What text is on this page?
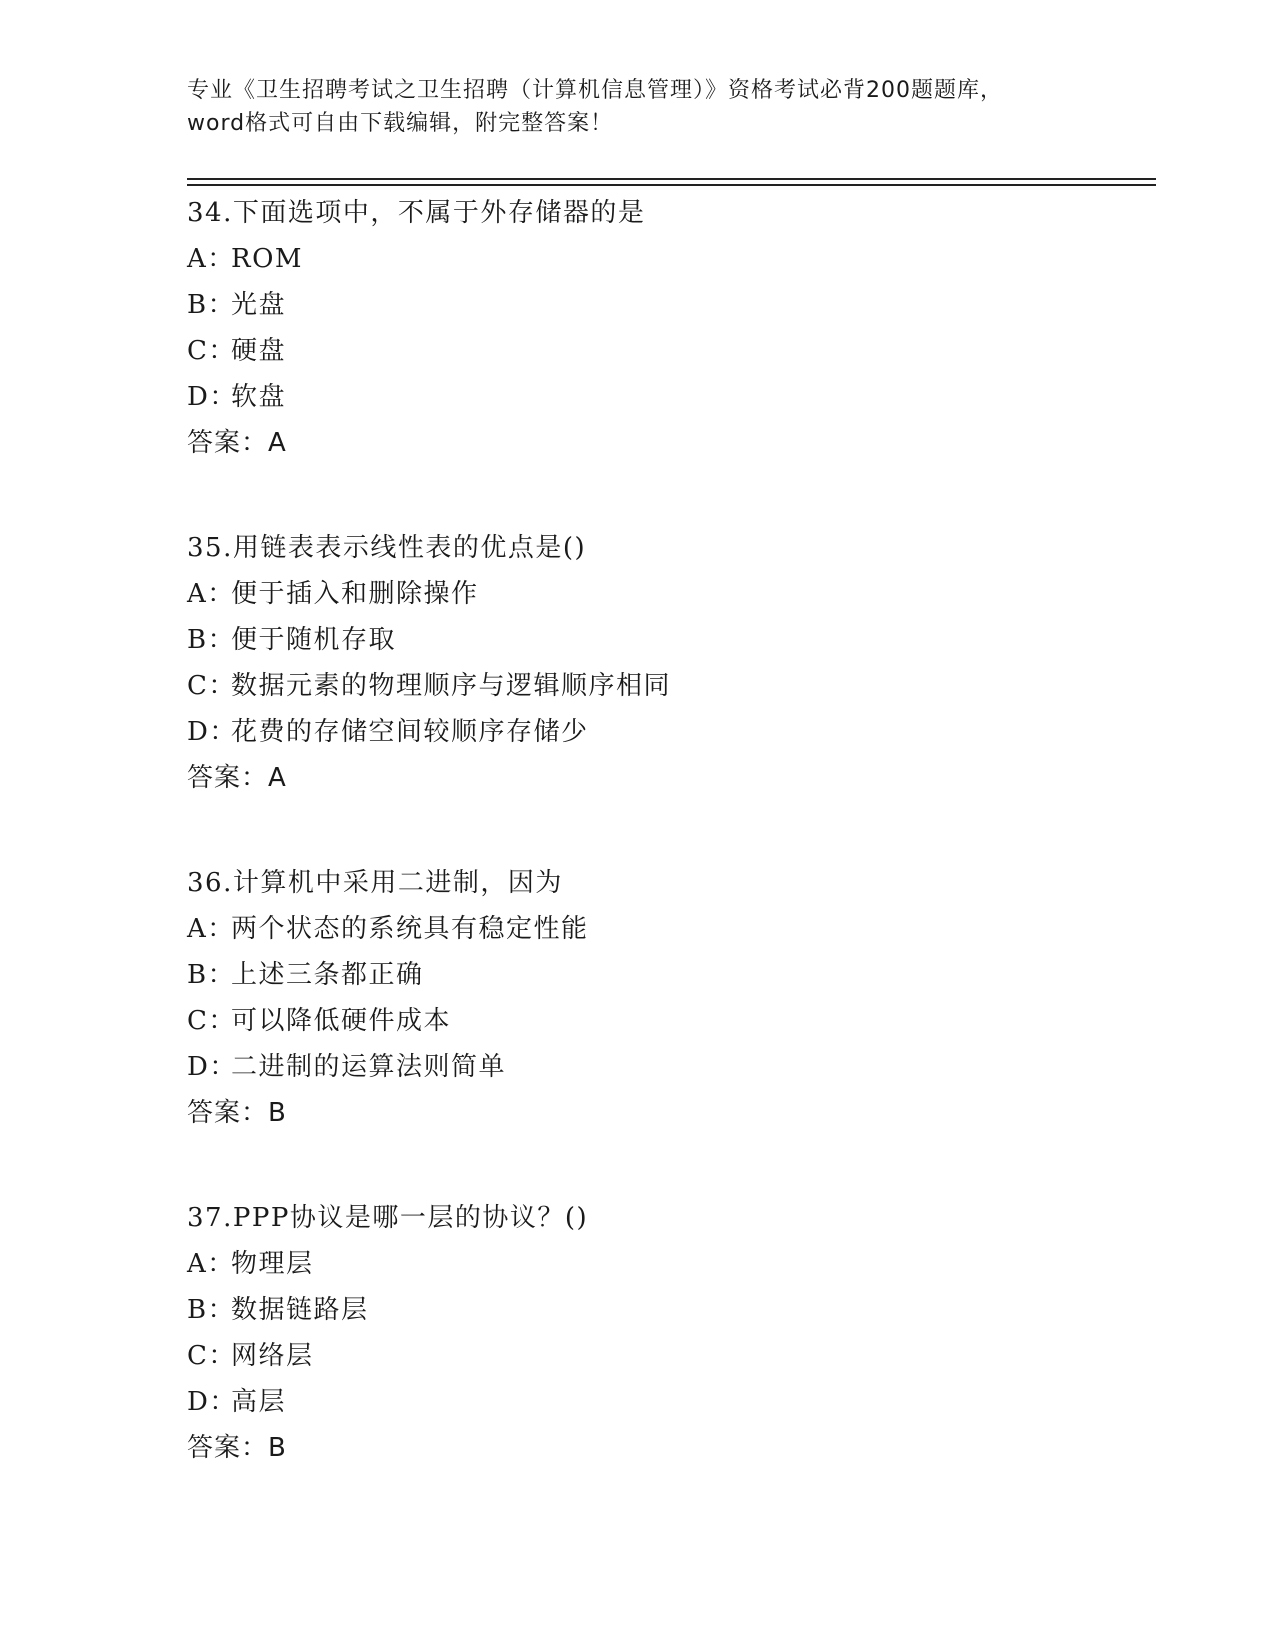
专业《卫生招聘考试之卫生招聘（计算机信息管理）》资格考试必背200题题库，
word格式可自由下载编辑，附完整答案！
34.下面选项中，不属于外存储器的是
A：ROM
B：光盘
C：硬盘
D：软盘
答案：A
35.用链表表示线性表的优点是()
A：便于插入和删除操作
B：便于随机存取
C：数据元素的物理顺序与逻辑顺序相同
D：花费的存储空间较顺序存储少
答案：A
36.计算机中采用二进制，因为
A：两个状态的系统具有稳定性能
B：上述三条都正确
C：可以降低硬件成本
D：二进制的运算法则简单
答案：B
37.PPP协议是哪一层的协议？()
A：物理层
B：数据链路层
C：网络层
D：高层
答案：B
